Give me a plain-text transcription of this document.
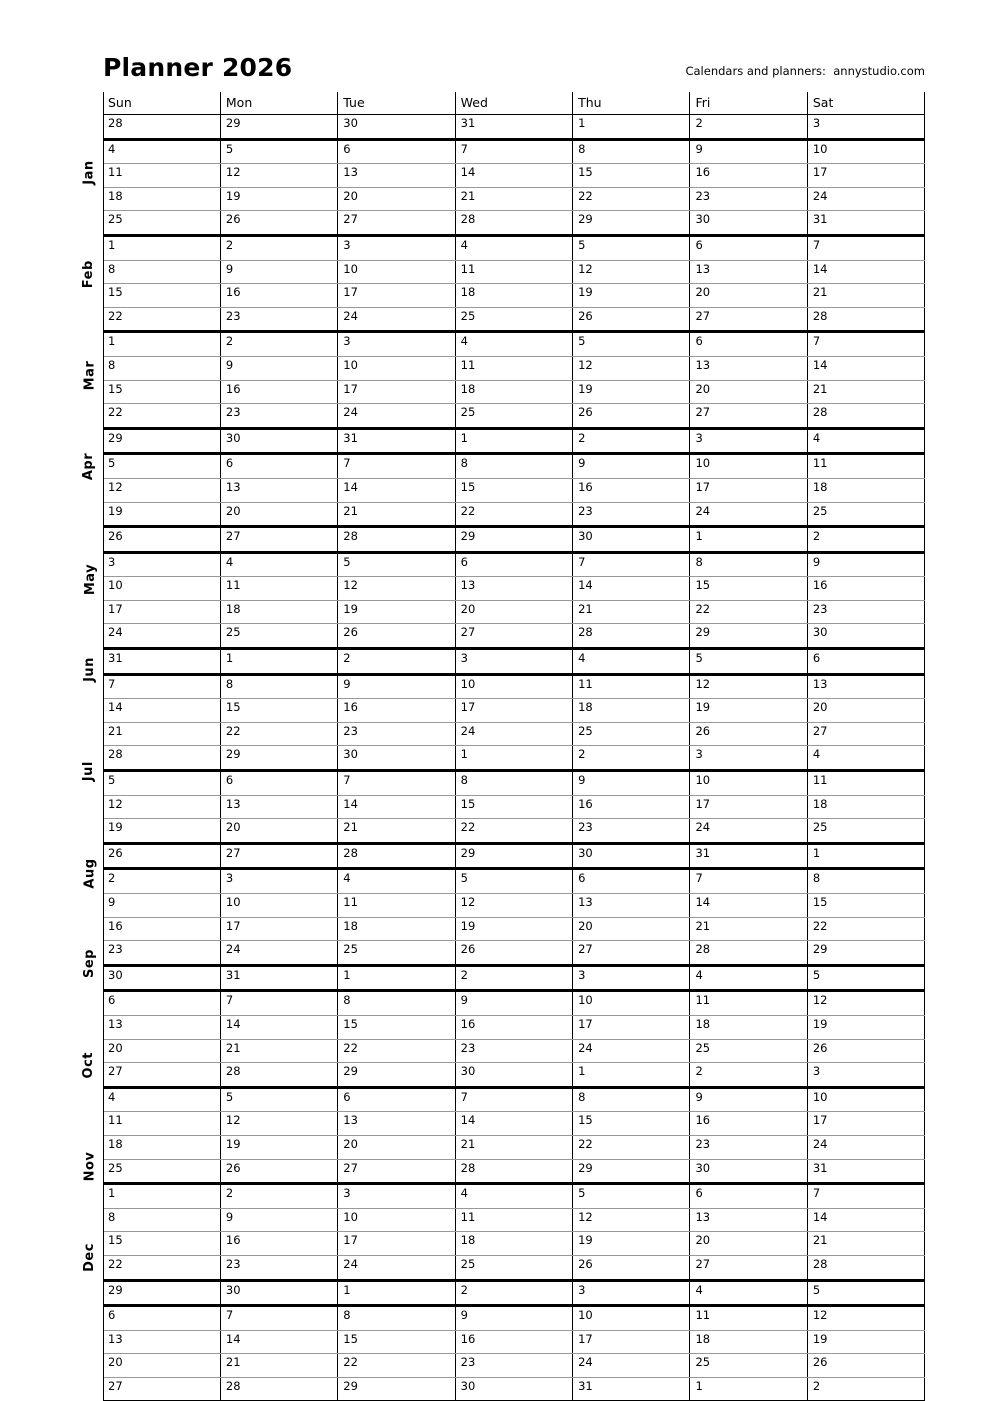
Planner 2026	Calendars and planners:  annystudio.com
Jan
Feb
Mar
Apr
May
Jun
Jul
Aug
Sep
Oct
Nov
Dec
Sun	Mon	Tue	Wed	Thu	Fri	Sat
28	29	30	31	1	2	3
4	5	6	7	8	9	10
11	12	13	14	15	16	17
18	19	20	21	22	23	24
25	26	27	28	29	30	31
1	2	3	4	5	6	7
8	9	10	11	12	13	14
15	16	17	18	19	20	21
22	23	24	25	26	27	28
1	2	3	4	5	6	7
8	9	10	11	12	13	14
15	16	17	18	19	20	21
22	23	24	25	26	27	28
29	30	31	1	2	3	4
5	6	7	8	9	10	11
12	13	14	15	16	17	18
19	20	21	22	23	24	25
26	27	28	29	30	1	2
3	4	5	6	7	8	9
10	11	12	13	14	15	16
17	18	19	20	21	22	23
24	25	26	27	28	29	30
31	1	2	3	4	5	6
7	8	9	10	11	12	13
14	15	16	17	18	19	20
21	22	23	24	25	26	27
28	29	30	1	2	3	4
5	6	7	8	9	10	11
12	13	14	15	16	17	18
19	20	21	22	23	24	25
26	27	28	29	30	31	1
2	3	4	5	6	7	8
9	10	11	12	13	14	15
16	17	18	19	20	21	22
23	24	25	26	27	28	29
30	31	1	2	3	4	5
6	7	8	9	10	11	12
13	14	15	16	17	18	19
20	21	22	23	24	25	26
27	28	29	30	1	2	3
4	5	6	7	8	9	10
11	12	13	14	15	16	17
18	19	20	21	22	23	24
25	26	27	28	29	30	31
1	2	3	4	5	6	7
8	9	10	11	12	13	14
15	16	17	18	19	20	21
22	23	24	25	26	27	28
29	30	1	2	3	4	5
6	7	8	9	10	11	12
13	14	15	16	17	18	19
20	21	22	23	24	25	26
27	28	29	30	31	1	2
